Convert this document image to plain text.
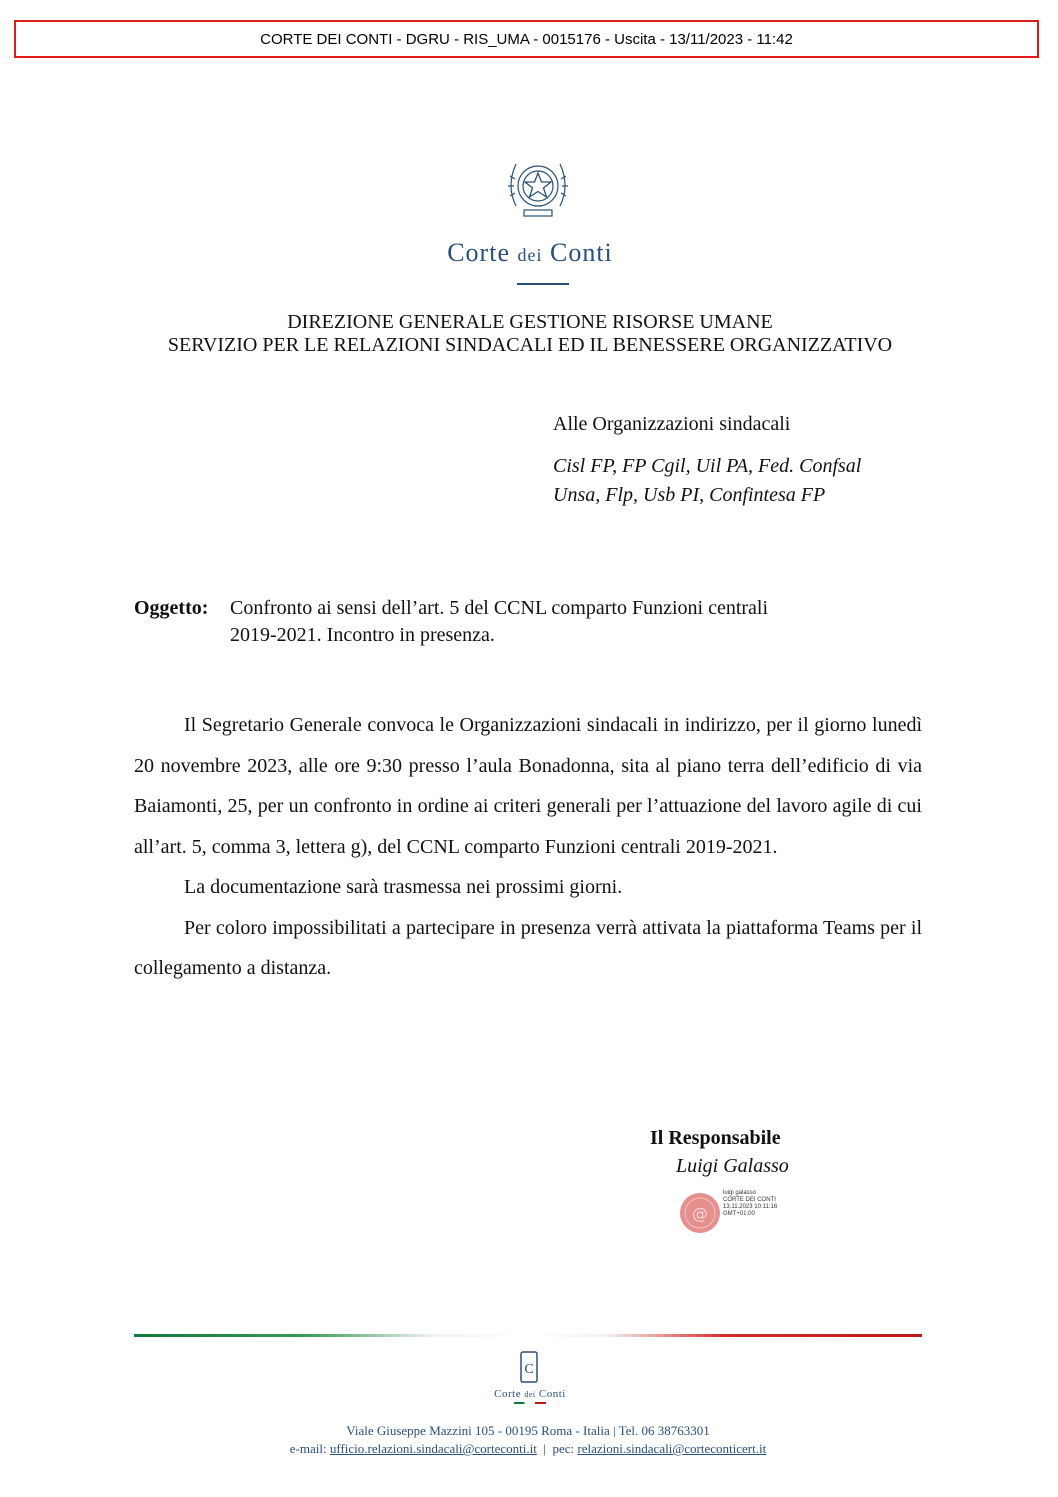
CORTE DEI CONTI - DGRU - RIS_UMA - 0015176 - Uscita - 13/11/2023 - 11:42
Corte dei Conti
DIREZIONE GENERALE GESTIONE RISORSE UMANE
SERVIZIO PER LE RELAZIONI SINDACALI ED IL BENESSERE ORGANIZZATIVO
Alle Organizzazioni sindacali
Cisl FP, FP Cgil, Uil PA, Fed. Confsal
Unsa, Flp, Usb PI, Confintesa FP
Oggetto: Confronto ai sensi dell’art. 5 del CCNL comparto Funzioni centrali
2019-2021. Incontro in presenza.

Il Segretario Generale convoca le Organizzazioni sindacali in indirizzo, per il giorno lunedì 20 novembre 2023, alle ore 9:30 presso l’aula Bonadonna, sita al piano terra dell’edificio di via Baiamonti, 25, per un confronto in ordine ai criteri generali per l’attuazione del lavoro agile di cui all’art. 5, comma 3, lettera g), del CCNL comparto Funzioni centrali 2019-2021.

La documentazione sarà trasmessa nei prossimi giorni.

Per coloro impossibilitati a partecipare in presenza verrà attivata la piattaforma Teams per il collegamento a distanza.

Il Responsabile
Luigi Galasso
@
luigi galasso
CORTE DEI CONTI
13.11.2023 10:11:16
GMT+01:00
C
Corte dei Conti
Viale Giuseppe Mazzini 105 - 00195 Roma - Italia | Tel. 06 38763301
e-mail: ufficio.relazioni.sindacali@corteconti.it | pec: relazioni.sindacali@corteconticert.it
